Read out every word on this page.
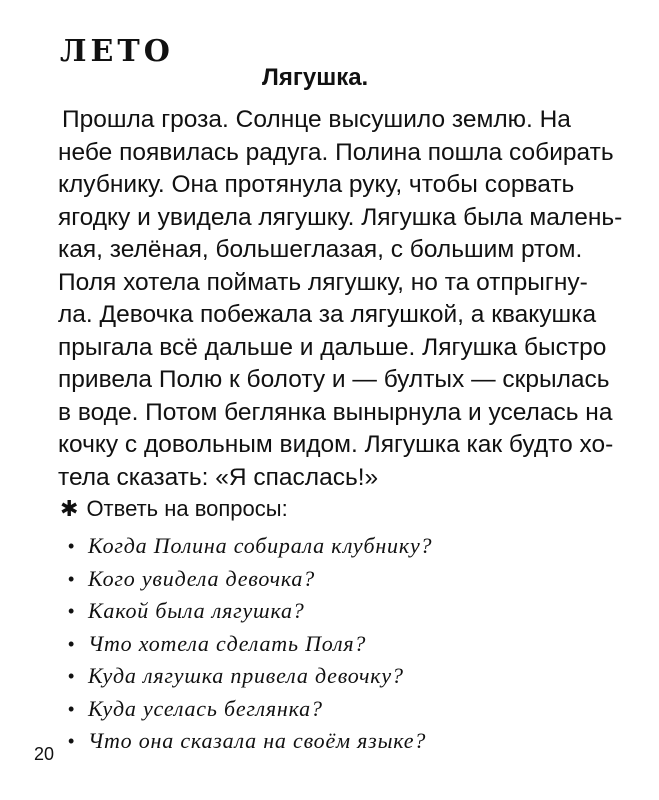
ЛЕТО
Лягушка.
Прошла гроза. Солнце высушило землю. На
небе появилась радуга. Полина пошла собирать
клубнику. Она протянула руку, чтобы сорвать
ягодку и увидела лягушку. Лягушка была малень-
кая, зелёная, большеглазая, с большим ртом.
Поля хотела поймать лягушку, но та отпрыгну-
ла. Девочка побежала за лягушкой, а квакушка
прыгала всё дальше и дальше. Лягушка быстро
привела Полю к болоту и — бултых — скрылась
в воде. Потом беглянка вынырнула и уселась на
кочку с довольным видом. Лягушка как будто хо-
тела сказать: «Я спаслась!»
✱ Ответь на вопросы:
• Когда Полина собирала клубнику?
• Кого увидела девочка?
• Какой была лягушка?
• Что хотела сделать Поля?
• Куда лягушка привела девочку?
• Куда уселась беглянка?
• Что она сказала на своём языке?
20
